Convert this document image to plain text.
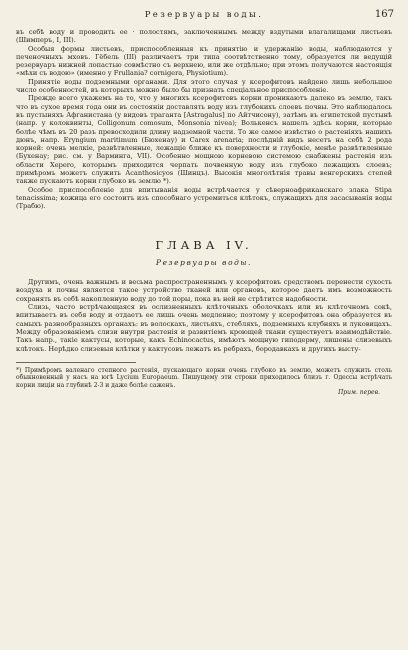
Резервуары воды.	167

въ себѣ воду и проводить ее · полостямъ, заключеннымъ между вздутыми влагалищами листьевъ (Шимперъ, I, III).

Особыя формы листьевъ, приспособленныя къ принятію и удержанію воды, наблюдаются у печеночныхъ мховъ. Гёбель (III) различаетъ три типа соотвѣтственно тому, образуется ли ведущій резервуаръ нижней лопастью совмѣстно съ верхнею, или же отдѣльно; при этомъ получаются настоящія «мѣхи съ водою» (именно у Frullania? cornigera, Physiotium).

Принятіе воды подземными органами. Для этого случая у ксерофитовъ найдено лишь небольшое число особенностей, въ которыхъ можно было бы признать спеціальное приспособленіе.

Прежде всего укажемъ на то, что у многихъ ксерофитовъ корни проникаютъ далеко въ землю, такъ что въ сухое время года они въ состояніи доставлять воду изъ глубокихъ слоевъ почвы. Это наблюдалось въ пустыняхъ Афганистана (у видовъ траганта [Astragalus] по Айтчисону), затѣмъ въ египетской пустынѣ (напр. у колоквинты, Colligonum comosum, Monsonia nivea); Волькенсъ нашелъ здѣсь корни, которые болѣе чѣмъ въ 20 разъ превосходили длину надземной части. То же самое извѣстно о растеніяхъ нашихъ дюнъ, напр. Eryngium maritimum (Бюхенау) и Carex arenaria; послѣдній видъ несетъ на себѣ 2 рода корней: очень мелкіе, развѣтвленные, лежащіе ближе къ поверхности и глубокіе, менѣе развѣтвленные (Бухенау; рис. см. у Варминга, VII). Особенно мощною корневою системою снабжены растенія изъ области Херero, которымъ приходится черпать почвенную воду изъ глубоко лежащихъ слоевъ; примѣромъ можетъ служить Acanthosicyos (Шинцъ). Высокія многолѣтнія травы венгерскихъ степей также пускаютъ корни глубоко въ землю *).

Особое приспособленіе для впитыванія воды встрѣчается у сѣверноафриканскаго злака Stipa tenacissima; кожица его состоитъ изъ способнаго устремиться клѣтокъ, служащихъ для засасыванія воды (Трабю).

ГЛАВА IV.
Резервуары воды.

Другимъ, очень важнымъ и весьма распространеннымъ у ксерофитовъ средствомъ перенести сухость воздуха и почвы является такое устройство тканей или органовъ, которое даетъ имъ возможность сохранять въ себѣ накопленную воду до той поры, пока въ ней не стрѣтится надобности.

Слизь, часто встрѣчающаяся въ ослизненныхъ клѣточныхъ оболочкахъ или въ клѣточномъ сокѣ, впитываетъ въ себя воду и отдаетъ ее лишь очень медленно; поэтому у ксерофитовъ она образуется въ самыхъ разнообразныхъ органахъ: въ волоскахъ, листьяхъ, стебляхъ, подземныхъ клубняхъ и луковицахъ. Между образованіемъ слизи внутри растенія и развитіемъ кроющей ткани существуетъ взаимодѣйствіе. Такъ напр., такіе кактусы, которые, какъ Echinocactus, имѣютъ мощную гиподерму, лишены слизевыхъ клѣтокъ. Нерѣдко слизевыя клѣтки у кактусовъ лежатъ въ ребрахъ, бородавкахъ и другихъ высту-

*) Примѣромъ валенаго степного растенія, пускающаго корни очень глубоко въ землю, можетъ служить столь обыкновенный у насъ на югѣ Lycium Europaeum. Пишущему эти строки приходилось близъ г. Одессы встрѣчать корни лиціи на глубинѣ 2-3 и даже болѣе саженъ.
Прим. перев.
